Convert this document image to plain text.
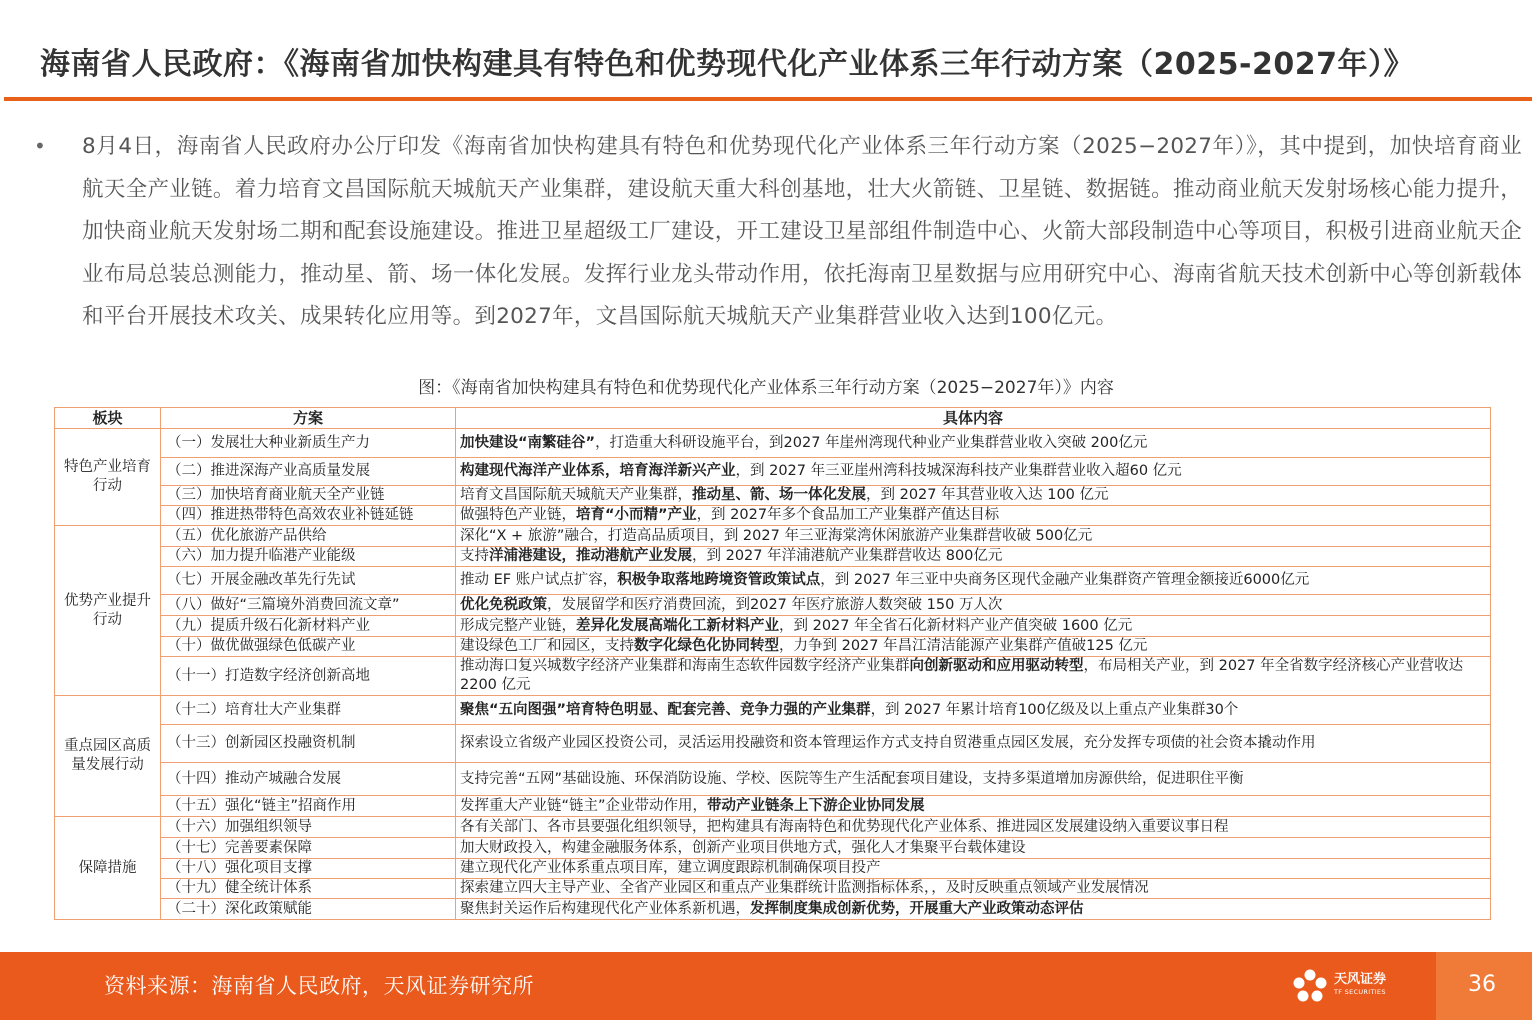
海南省人民政府：《海南省加快构建具有特色和优势现代化产业体系三年行动方案（2025-2027年）》
• 8月4日，海南省人民政府办公厅印发《海南省加快构建具有特色和优势现代化产业体系三年行动方案（2025−2027年）》，其中提到，加快培育商业航天全产业链。着力培育文昌国际航天城航天产业集群，建设航天重大科创基地，壮大火箭链、卫星链、数据链。推动商业航天发射场核心能力提升，加快商业航天发射场二期和配套设施建设。推进卫星超级工厂建设，开工建设卫星部组件制造中心、火箭大部段制造中心等项目，积极引进商业航天企业布局总装总测能力，推动星、箭、场一体化发展。发挥行业龙头带动作用，依托海南卫星数据与应用研究中心、海南省航天技术创新中心等创新载体和平台开展技术攻关、成果转化应用等。到2027年，文昌国际航天城航天产业集群营业收入达到100亿元。

图：《海南省加快构建具有特色和优势现代化产业体系三年行动方案（2025−2027年）》内容
板块	方案	具体内容
特色产业培育行动	（一）发展壮大种业新质生产力	加快建设“南繁硅谷”，打造重大科研设施平台，到2027 年崖州湾现代种业产业集群营业收入突破 200亿元
	（二）推进深海产业高质量发展	构建现代海洋产业体系，培育海洋新兴产业，到 2027 年三亚崖州湾科技城深海科技产业集群营业收入超60 亿元
	（三）加快培育商业航天全产业链	培育文昌国际航天城航天产业集群，推动星、箭、场一体化发展，到 2027 年其营业收入达 100 亿元
	（四）推进热带特色高效农业补链延链	做强特色产业链，培育“小而精”产业，到 2027年多个食品加工产业集群产值达目标
优势产业提升行动	（五）优化旅游产品供给	深化“X + 旅游”融合，打造高品质项目，到 2027 年三亚海棠湾休闲旅游产业集群营收破 500亿元
	（六）加力提升临港产业能级	支持洋浦港建设，推动港航产业发展，到 2027 年洋浦港航产业集群营收达 800亿元
	（七）开展金融改革先行先试	推动 EF 账户试点扩容，积极争取落地跨境资管政策试点，到 2027 年三亚中央商务区现代金融产业集群资产管理金额接近6000亿元
	（八）做好“三篇境外消费回流文章”	优化免税政策，发展留学和医疗消费回流，到2027 年医疗旅游人数突破 150 万人次
	（九）提质升级石化新材料产业	形成完整产业链，差异化发展高端化工新材料产业，到 2027 年全省石化新材料产业产值突破 1600 亿元
	（十）做优做强绿色低碳产业	建设绿色工厂和园区，支持数字化绿色化协同转型，力争到 2027 年昌江清洁能源产业集群产值破125 亿元
	（十一）打造数字经济创新高地	推动海口复兴城数字经济产业集群和海南生态软件园数字经济产业集群向创新驱动和应用驱动转型，布局相关产业，到 2027 年全省数字经济核心产业营收达 2200 亿元
重点园区高质量发展行动	（十二）培育壮大产业集群	聚焦“五向图强”培育特色明显、配套完善、竞争力强的产业集群，到 2027 年累计培育100亿级及以上重点产业集群30个
	（十三）创新园区投融资机制	探索设立省级产业园区投资公司，灵活运用投融资和资本管理运作方式支持自贸港重点园区发展，充分发挥专项债的社会资本撬动作用
	（十四）推动产城融合发展	支持完善“五网”基础设施、环保消防设施、学校、医院等生产生活配套项目建设，支持多渠道增加房源供给，促进职住平衡
	（十五）强化“链主”招商作用	发挥重大产业链“链主”企业带动作用，带动产业链条上下游企业协同发展
保障措施	（十六）加强组织领导	各有关部门、各市县要强化组织领导，把构建具有海南特色和优势现代化产业体系、推进园区发展建设纳入重要议事日程
	（十七）完善要素保障	加大财政投入，构建金融服务体系，创新产业项目供地方式，强化人才集聚平台载体建设
	（十八）强化项目支撑	建立现代化产业体系重点项目库，建立调度跟踪机制确保项目投产
	（十九）健全统计体系	探索建立四大主导产业、全省产业园区和重点产业集群统计监测指标体系，，及时反映重点领域产业发展情况
	（二十）深化政策赋能	聚焦封关运作后构建现代化产业体系新机遇，发挥制度集成创新优势，开展重大产业政策动态评估
资料来源：海南省人民政府，天风证券研究所	天风证券
TF SECURITIES	36
